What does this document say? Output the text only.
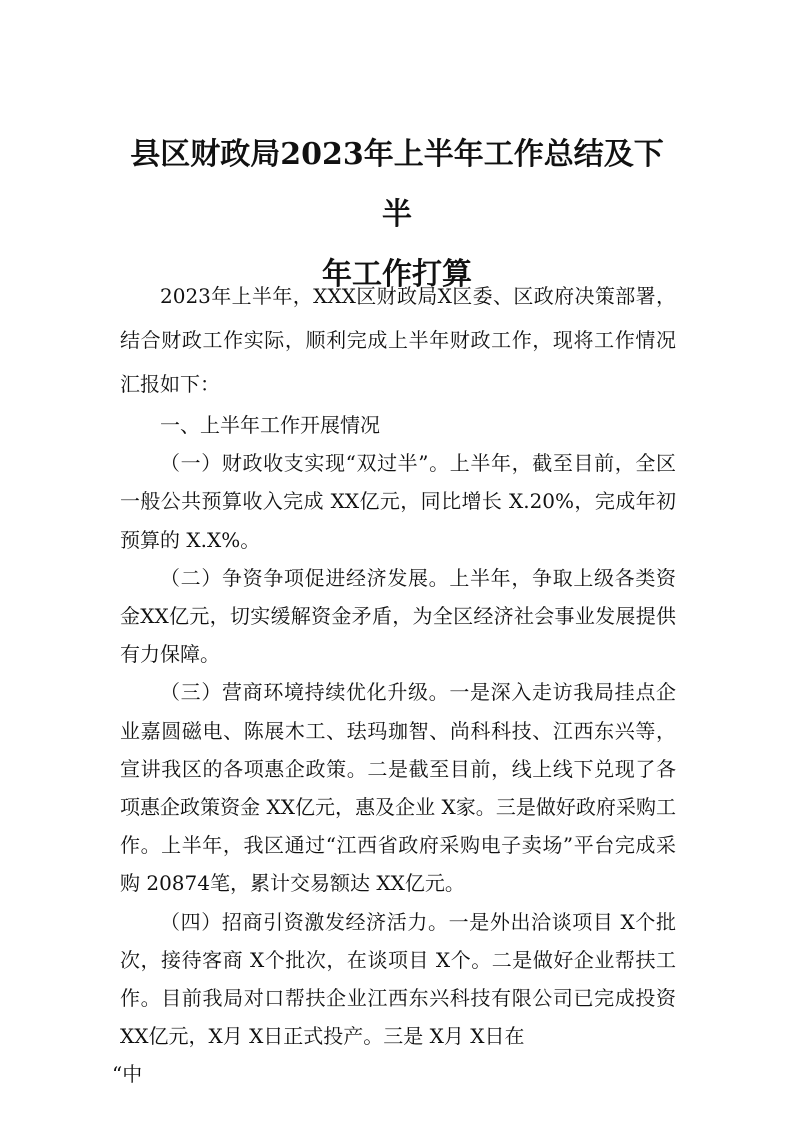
县区财政局2023年上半年工作总结及下半
年工作打算

2023年上半年，XXX区财政局X区委、区政府决策部署，结合财政工作实际，顺利完成上半年财政工作，现将工作情况汇报如下：

一、上半年工作开展情况

（一）财政收支实现“双过半”。上半年，截至目前，全区一般公共预算收入完成 XX亿元，同比增长 X.20%，完成年初预算的 X.X%。

（二）争资争项促进经济发展。上半年，争取上级各类资金XX亿元，切实缓解资金矛盾，为全区经济社会事业发展提供有力保障。

（三）营商环境持续优化升级。一是深入走访我局挂点企业嘉圆磁电、陈展木工、珐玛珈智、尚科科技、江西东兴等，宣讲我区的各项惠企政策。二是截至目前，线上线下兑现了各项惠企政策资金 XX亿元，惠及企业 X家。三是做好政府采购工作。上半年，我区通过“江西省政府采购电子卖场”平台完成采购 20874笔，累计交易额达 XX亿元。

（四）招商引资激发经济活力。一是外出洽谈项目 X个批次，接待客商 X个批次，在谈项目 X个。二是做好企业帮扶工作。目前我局对口帮扶企业江西东兴科技有限公司已完成投资 XX亿元，X月 X日正式投产。三是 X月 X日在

“中
